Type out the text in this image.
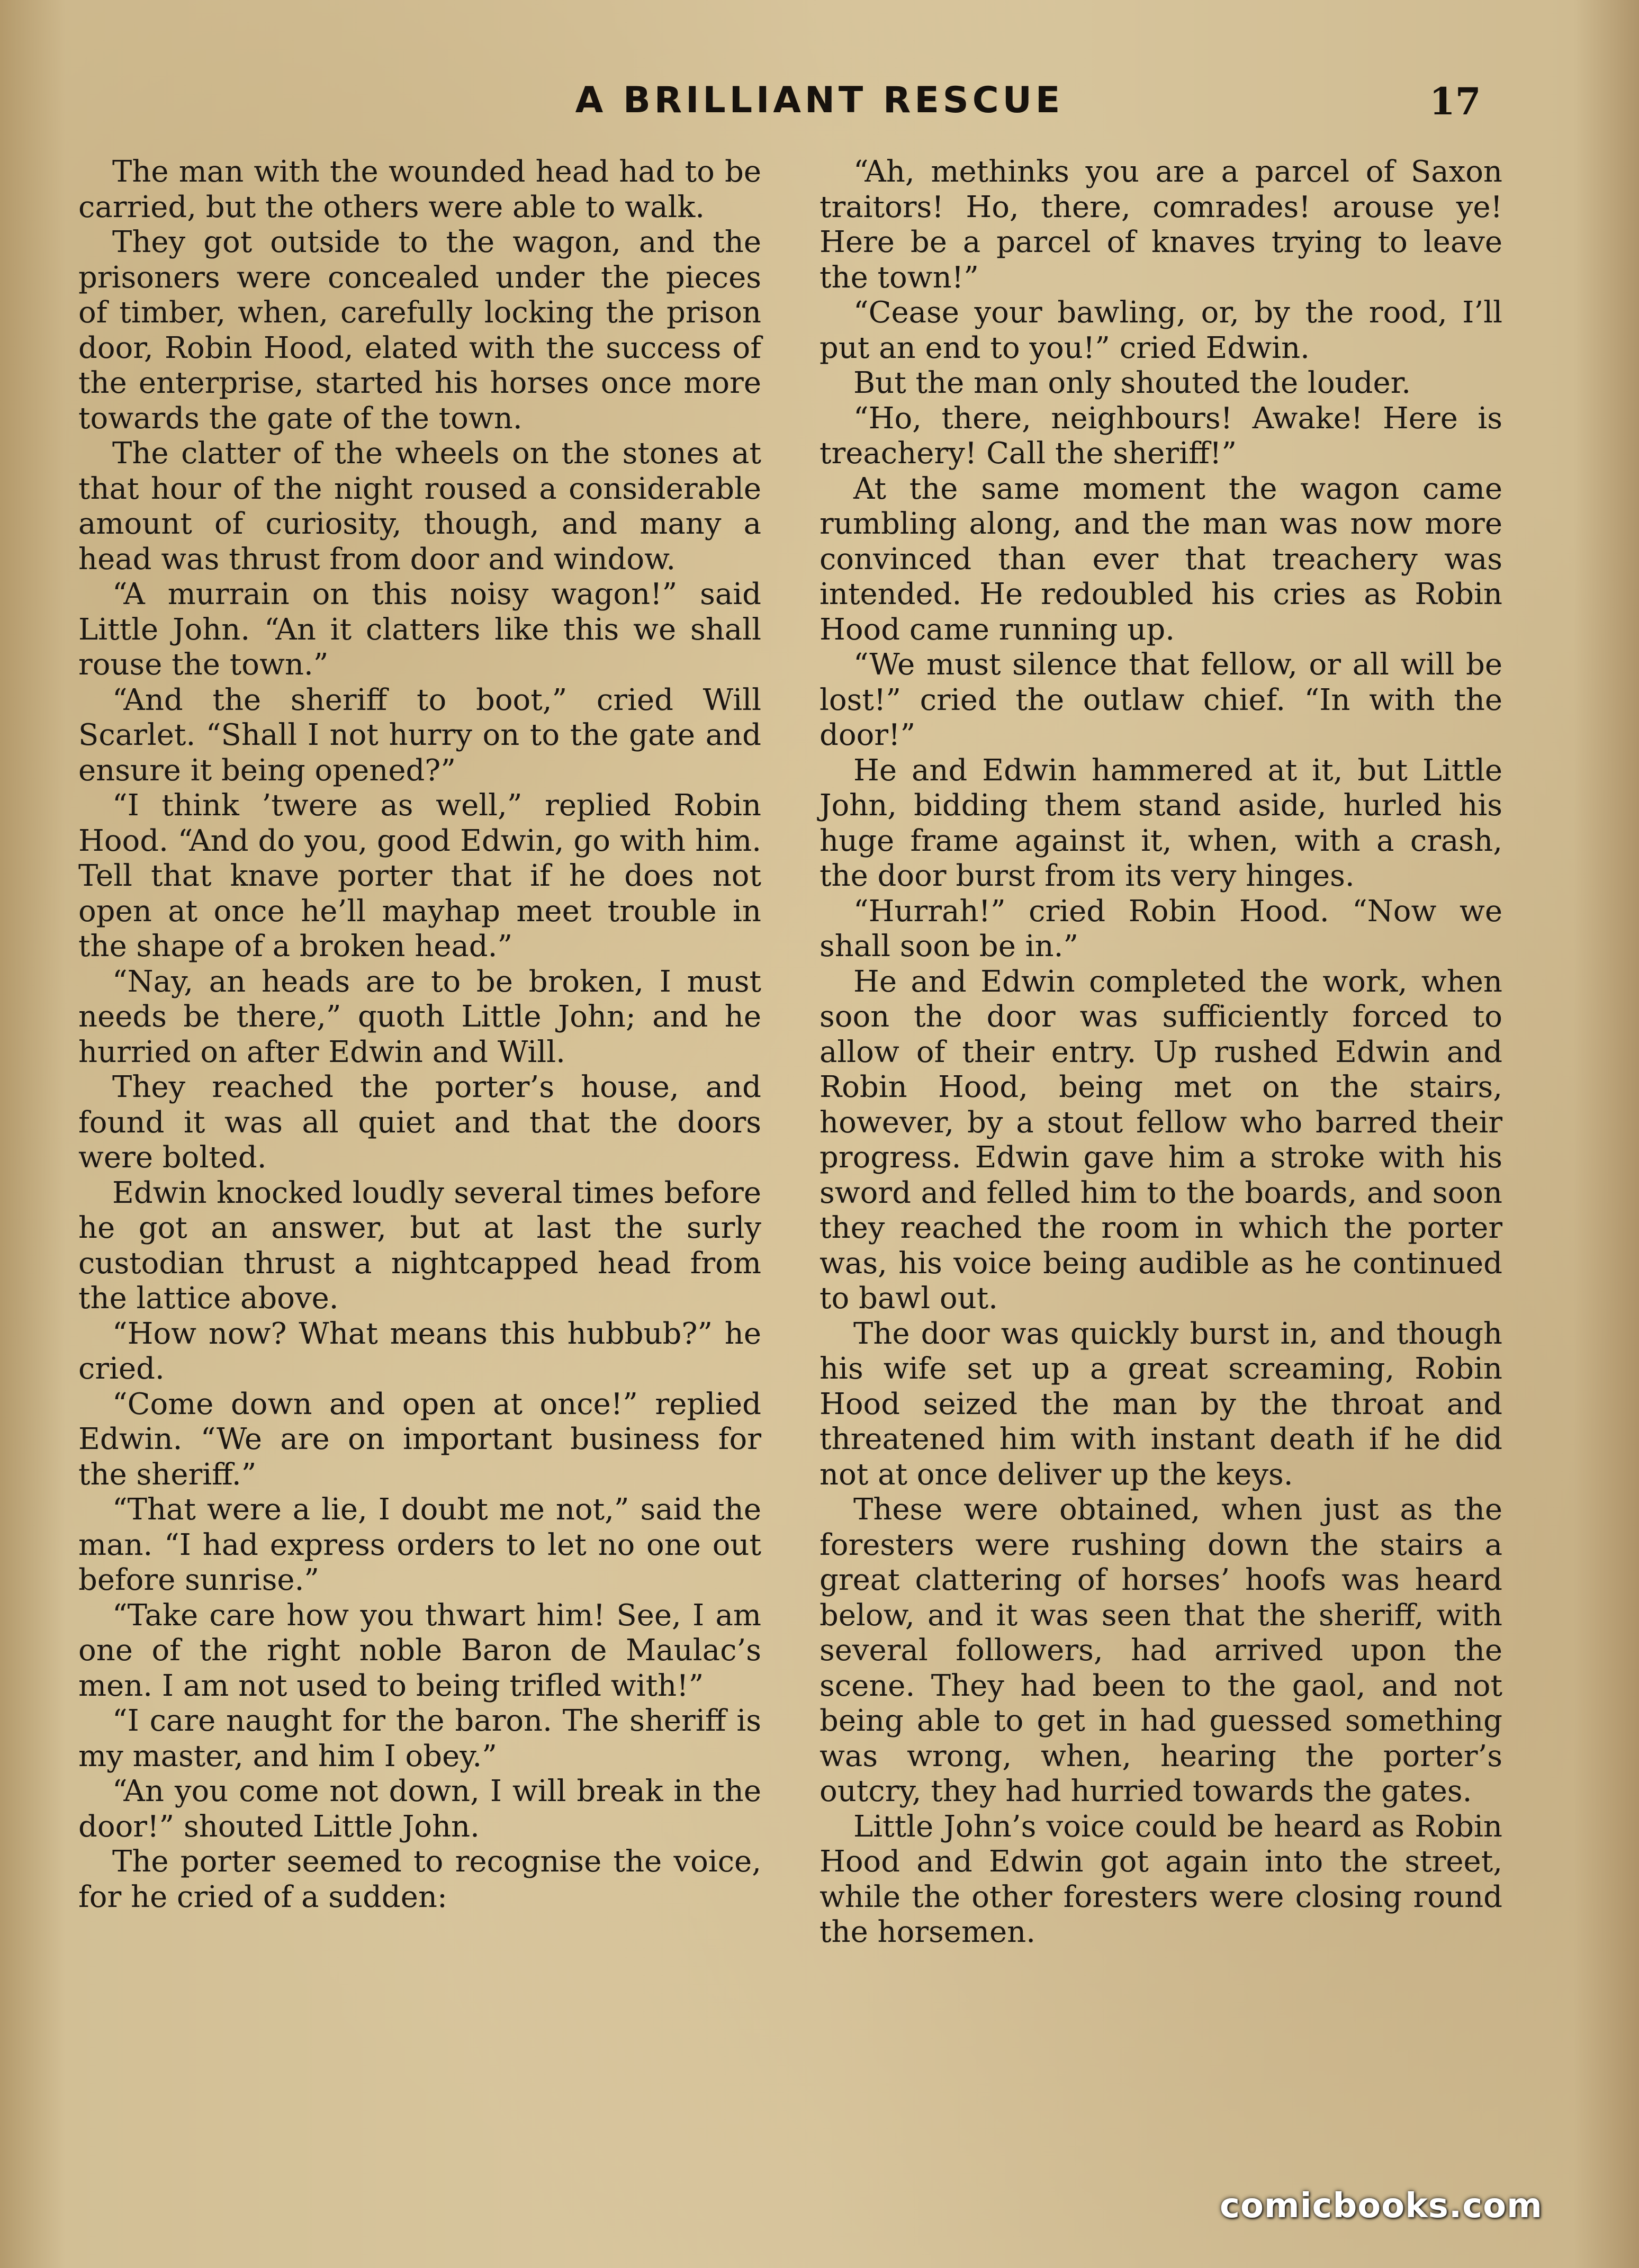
A BRILLIANT RESCUE	17

The man with the wounded head had to be carried, but the others were able to walk.

They got outside to the wagon, and the prisoners were concealed under the pieces of timber, when, carefully locking the prison door, Robin Hood, elated with the success of the enterprise, started his horses once more towards the gate of the town.

The clatter of the wheels on the stones at that hour of the night roused a considerable amount of curiosity, though, and many a head was thrust from door and window.

“A murrain on this noisy wagon!” said Little John. “An it clatters like this we shall rouse the town.”

“And the sheriff to boot,” cried Will Scarlet. “Shall I not hurry on to the gate and ensure it being opened?”

“I think ’twere as well,” replied Robin Hood. “And do you, good Edwin, go with him. Tell that knave porter that if he does not open at once he’ll mayhap meet trouble in the shape of a broken head.”

“Nay, an heads are to be broken, I must needs be there,” quoth Little John; and he hurried on after Edwin and Will.

They reached the porter’s house, and found it was all quiet and that the doors were bolted.

Edwin knocked loudly several times before he got an answer, but at last the surly custodian thrust a nightcapped head from the lattice above.

“How now? What means this hubbub?” he cried.

“Come down and open at once!” replied Edwin. “We are on important business for the sheriff.”

“That were a lie, I doubt me not,” said the man. “I had express orders to let no one out before sunrise.”

“Take care how you thwart him! See, I am one of the right noble Baron de Maulac’s men. I am not used to being trifled with!”

“I care naught for the baron. The sheriff is my master, and him I obey.”

“An you come not down, I will break in the door!” shouted Little John.

The porter seemed to recognise the voice, for he cried of a sudden:

“Ah, methinks you are a parcel of Saxon traitors! Ho, there, comrades! arouse ye! Here be a parcel of knaves trying to leave the town!”

“Cease your bawling, or, by the rood, I’ll put an end to you!” cried Edwin.

But the man only shouted the louder.

“Ho, there, neighbours! Awake! Here is treachery! Call the sheriff!”

At the same moment the wagon came rumbling along, and the man was now more convinced than ever that treachery was intended. He redoubled his cries as Robin Hood came running up.

“We must silence that fellow, or all will be lost!” cried the outlaw chief. “In with the door!”

He and Edwin hammered at it, but Little John, bidding them stand aside, hurled his huge frame against it, when, with a crash, the door burst from its very hinges.

“Hurrah!” cried Robin Hood. “Now we shall soon be in.”

He and Edwin completed the work, when soon the door was sufficiently forced to allow of their entry. Up rushed Edwin and Robin Hood, being met on the stairs, however, by a stout fellow who barred their progress. Edwin gave him a stroke with his sword and felled him to the boards, and soon they reached the room in which the porter was, his voice being audible as he continued to bawl out.

The door was quickly burst in, and though his wife set up a great screaming, Robin Hood seized the man by the throat and threatened him with instant death if he did not at once deliver up the keys.

These were obtained, when just as the foresters were rushing down the stairs a great clattering of horses’ hoofs was heard below, and it was seen that the sheriff, with several followers, had arrived upon the scene. They had been to the gaol, and not being able to get in had guessed something was wrong, when, hearing the porter’s outcry, they had hurried towards the gates.

Little John’s voice could be heard as Robin Hood and Edwin got again into the street, while the other foresters were closing round the horsemen.

comicbooks.com
